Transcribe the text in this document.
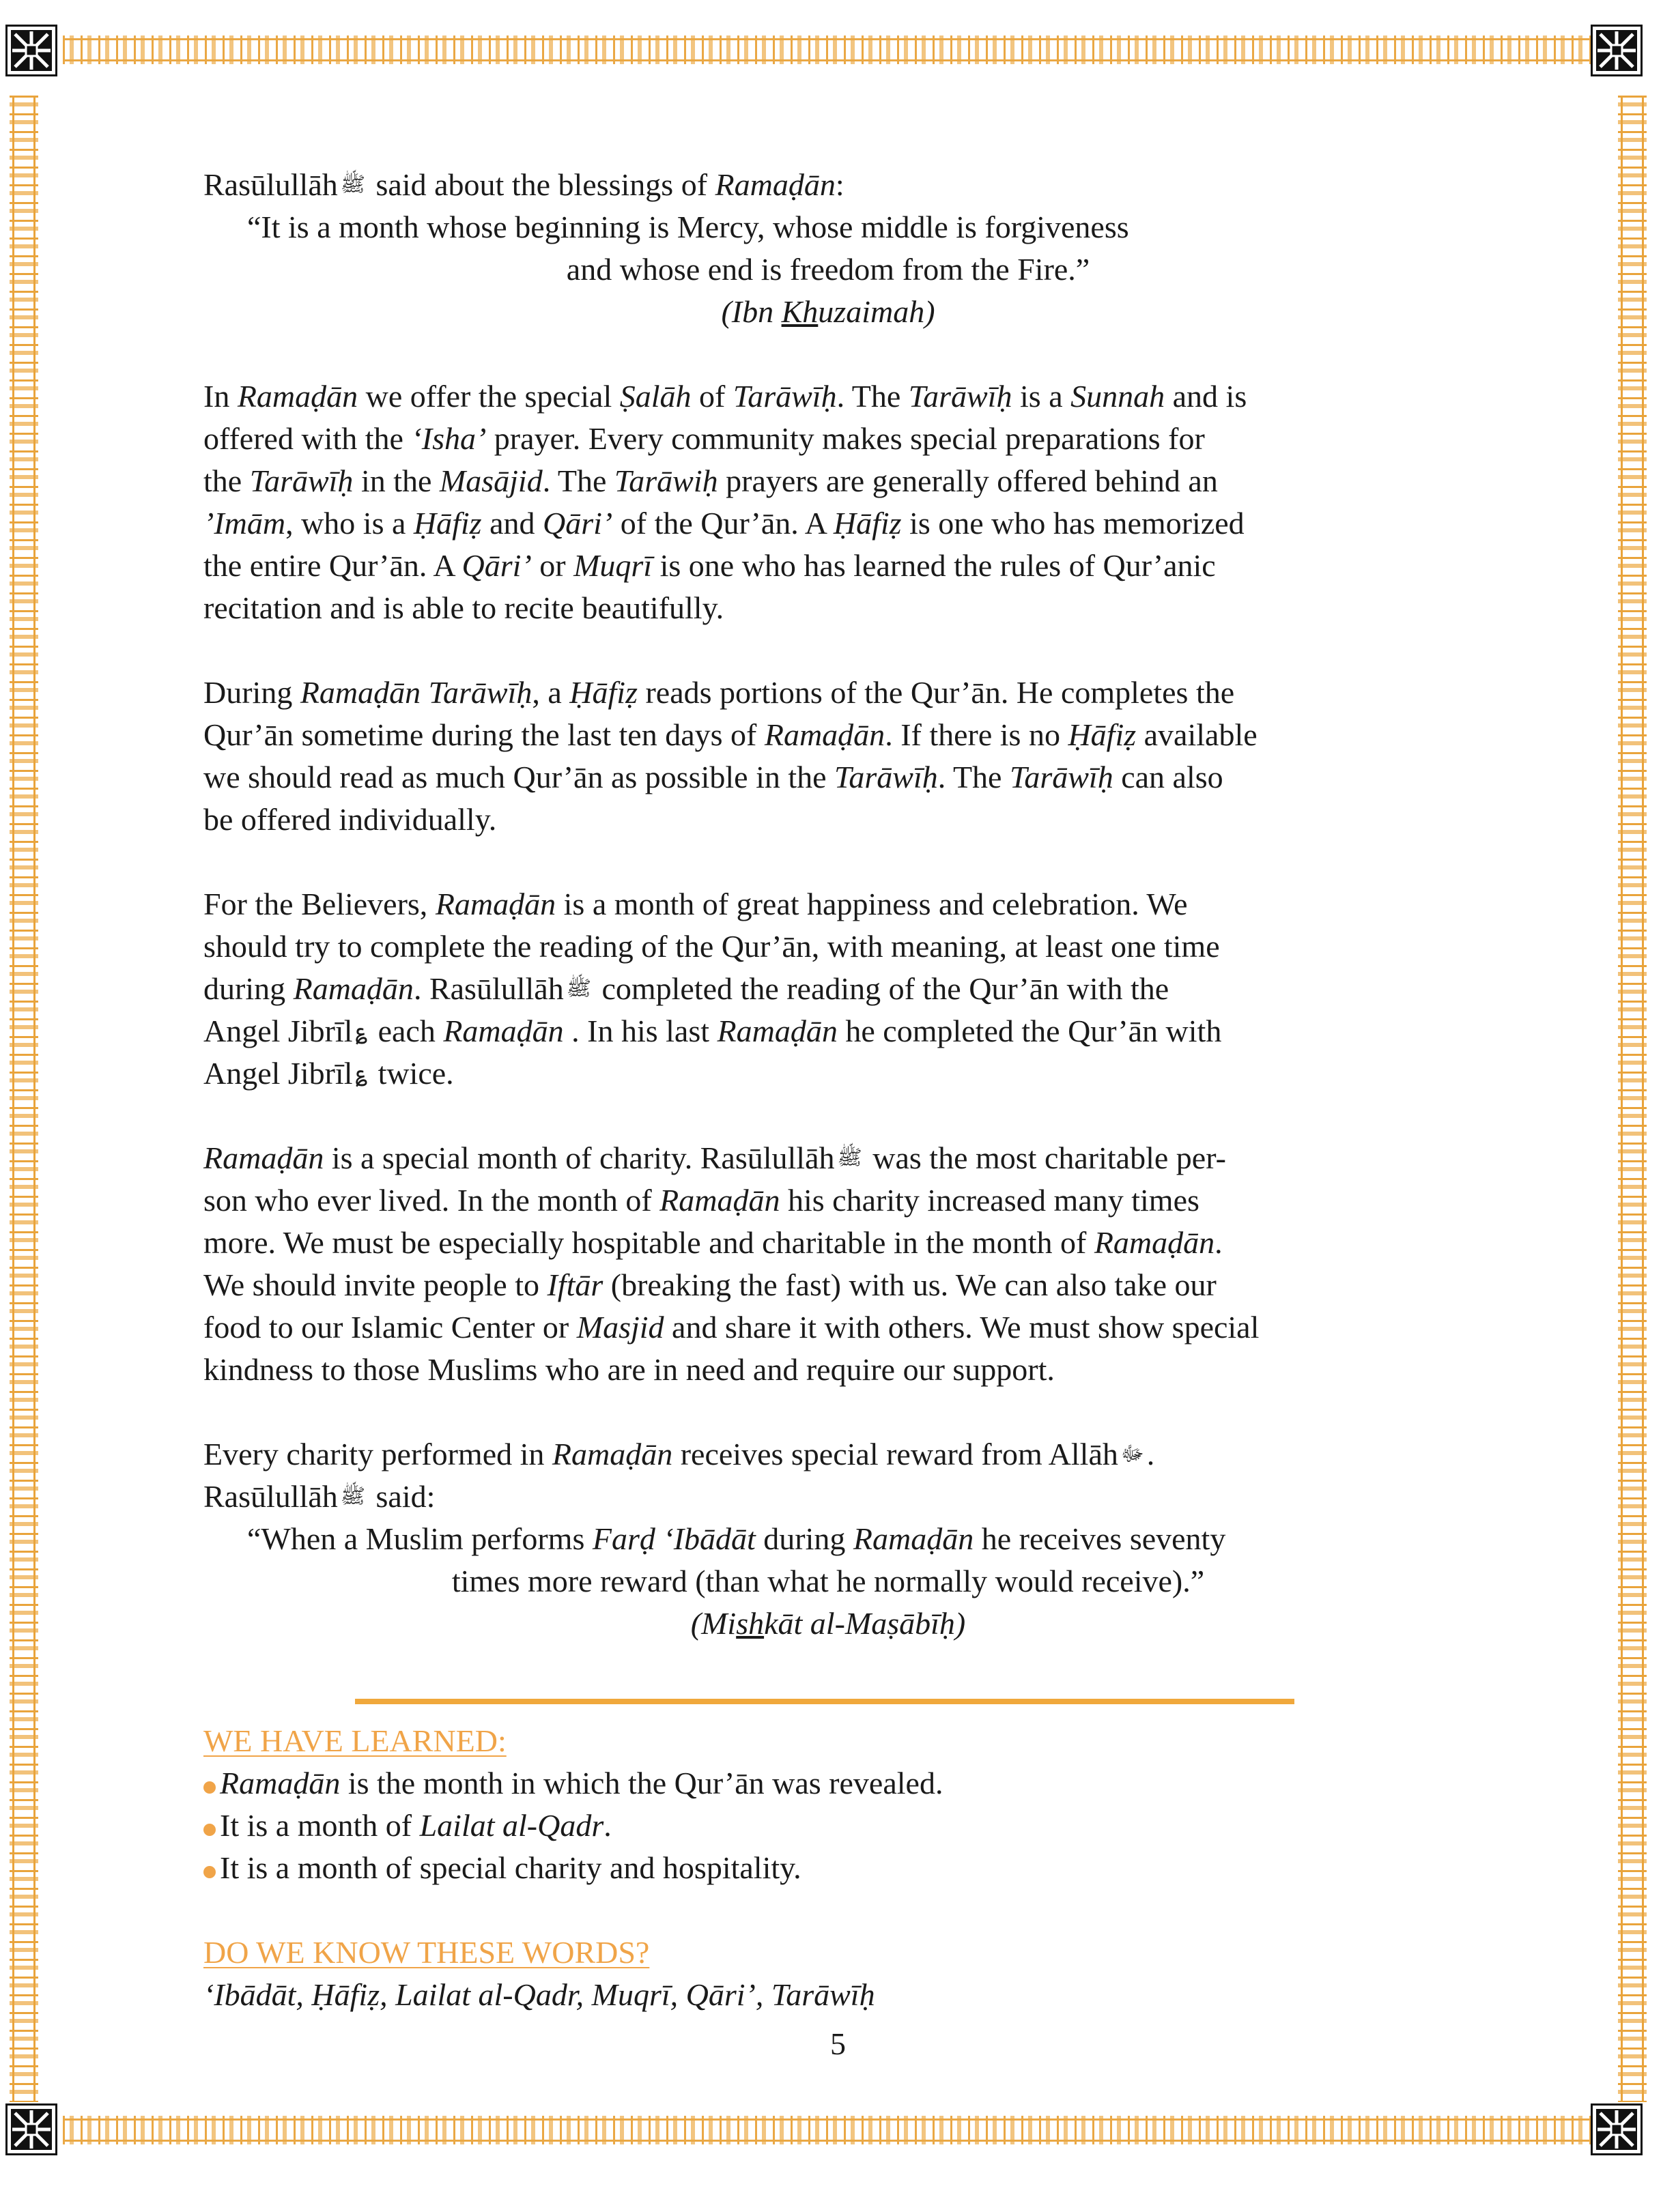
Rasūlullāh ﷺ said about the blessings of Ramaḍān:
“It is a month whose beginning is Mercy, whose middle is forgiveness
and whose end is freedom from the Fire.”
(Ibn Khuzaimah)
In Ramaḍān we offer the special Ṣalāh of Tarāwīḥ. The Tarāwīḥ is a Sunnah and is
offered with the ‘Isha’ prayer. Every community makes special preparations for
the Tarāwīḥ in the Masājid. The Tarāwiḥ prayers are generally offered behind an
’Imām, who is a Ḥāfiẓ and Qāri’ of the Qur’ān. A Ḥāfiẓ is one who has memorized
the entire Qur’ān. A Qāri’ or Muqrī is one who has learned the rules of Qur’anic
recitation and is able to recite beautifully.
During Ramaḍān Tarāwīḥ, a Ḥāfiẓ reads portions of the Qur’ān. He completes the
Qur’ān sometime during the last ten days of Ramaḍān. If there is no Ḥāfiẓ available
we should read as much Qur’ān as possible in the Tarāwīḥ. The Tarāwīḥ can also
be offered individually.
For the Believers, Ramaḍān is a month of great happiness and celebration. We
should try to complete the reading of the Qur’ān, with meaning, at least one time
during Ramaḍān. Rasūlullāh ﷺ completed the reading of the Qur’ān with the
Angel Jibrīl ؏ each Ramaḍān . In his last Ramaḍān he completed the Qur’ān with
Angel Jibrīl ؏ twice.
Ramaḍān is a special month of charity. Rasūlullāh ﷺ was the most charitable per-
son who ever lived. In the month of Ramaḍān his charity increased many times
more. We must be especially hospitable and charitable in the month of Ramaḍān.
We should invite people to Iftār (breaking the fast) with us. We can also take our
food to our Islamic Center or Masjid and share it with others. We must show special
kindness to those Muslims who are in need and require our support.
Every charity performed in Ramaḍān receives special reward from Allāh ﷻ.
Rasūlullāh ﷺ said:
“When a Muslim performs Farḍ ‘Ibādāt during Ramaḍān he receives seventy
times more reward (than what he normally would receive).”
(Mishkāt al-Maṣābīḥ)
WE HAVE LEARNED:
Ramaḍān is the month in which the Qur’ān was revealed.
It is a month of Lailat al-Qadr.
It is a month of special charity and hospitality.
DO WE KNOW THESE WORDS?
‘Ibādāt, Ḥāfiẓ, Lailat al-Qadr, Muqrī, Qāri’, Tarāwīḥ
5
